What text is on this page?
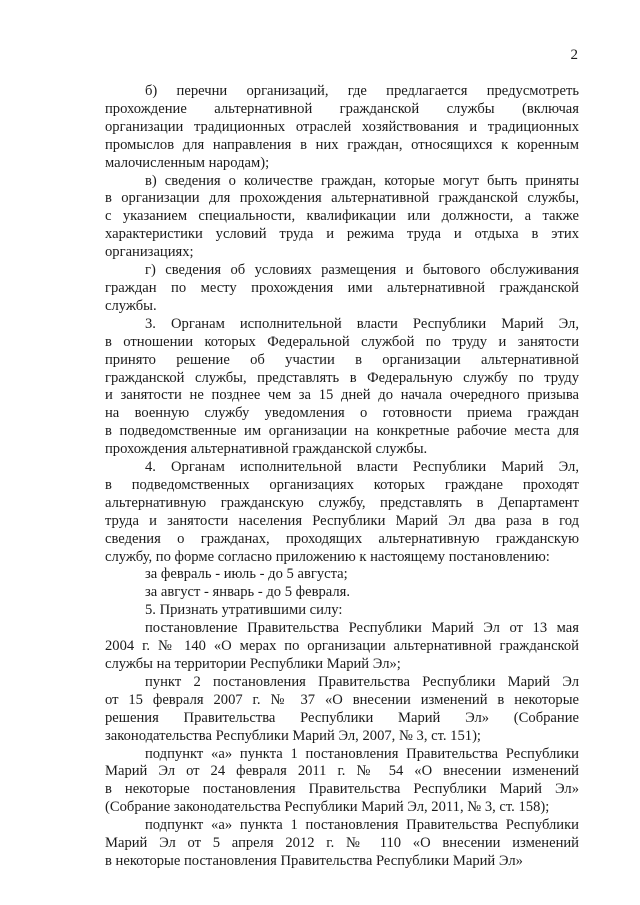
2
б) перечни организаций, где предлагается предусмотреть
прохождение альтернативной гражданской службы (включая
организации традиционных отраслей хозяйствования и традиционных
промыслов для направления в них граждан, относящихся к коренным
малочисленным народам);
в) сведения о количестве граждан, которые могут быть приняты
в организации для прохождения альтернативной гражданской службы,
с указанием специальности, квалификации или должности, а также
характеристики условий труда и режима труда и отдыха в этих
организациях;
г) сведения об условиях размещения и бытового обслуживания
граждан по месту прохождения ими альтернативной гражданской
службы.
3. Органам исполнительной власти Республики Марий Эл,
в отношении которых Федеральной службой по труду и занятости
принято решение об участии в организации альтернативной
гражданской службы, представлять в Федеральную службу по труду
и занятости не позднее чем за 15 дней до начала очередного призыва
на военную службу уведомления о готовности приема граждан
в подведомственные им организации на конкретные рабочие места для
прохождения альтернативной гражданской службы.
4. Органам исполнительной власти Республики Марий Эл,
в подведомственных организациях которых граждане проходят
альтернативную гражданскую службу, представлять в Департамент
труда и занятости населения Республики Марий Эл два раза в год
сведения о гражданах, проходящих альтернативную гражданскую
службу, по форме согласно приложению к настоящему постановлению:
за февраль - июль - до 5 августа;
за август - январь - до 5 февраля.
5. Признать утратившими силу:
постановление Правительства Республики Марий Эл от 13 мая
2004 г. № 140 «О мерах по организации альтернативной гражданской
службы на территории Республики Марий Эл»;
пункт 2 постановления Правительства Республики Марий Эл
от 15 февраля 2007 г. № 37 «О внесении изменений в некоторые
решения Правительства Республики Марий Эл» (Собрание
законодательства Республики Марий Эл, 2007, № 3, ст. 151);
подпункт «а» пункта 1 постановления Правительства Республики
Марий Эл от 24 февраля 2011 г. № 54 «О внесении изменений
в некоторые постановления Правительства Республики Марий Эл»
(Собрание законодательства Республики Марий Эл, 2011, № 3, ст. 158);
подпункт «а» пункта 1 постановления Правительства Республики
Марий Эл от 5 апреля 2012 г. № 110 «О внесении изменений
в некоторые постановления Правительства Республики Марий Эл»
